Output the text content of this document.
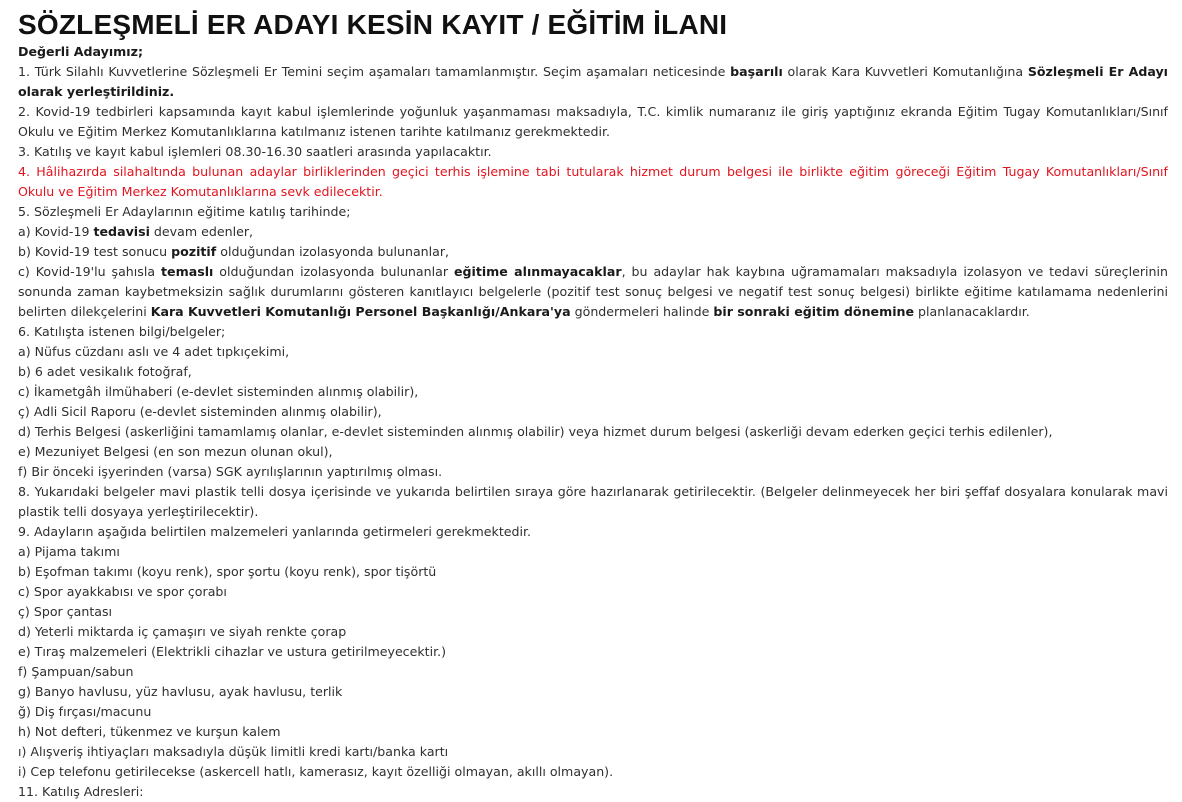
SÖZLEŞMELİ ER ADAYI KESİN KAYIT / EĞİTİM İLANI
Değerli Adayımız;
1. Türk Silahlı Kuvvetlerine Sözleşmeli Er Temini seçim aşamaları tamamlanmıştır. Seçim aşamaları neticesinde başarılı olarak Kara Kuvvetleri Komutanlığına Sözleşmeli Er Adayı
olarak yerleştirildiniz.
2. Kovid-19 tedbirleri kapsamında kayıt kabul işlemlerinde yoğunluk yaşanmaması maksadıyla, T.C. kimlik numaranız ile giriş yaptığınız ekranda Eğitim Tugay Komutanlıkları/Sınıf
Okulu ve Eğitim Merkez Komutanlıklarına katılmanız istenen tarihte katılmanız gerekmektedir.
3. Katılış ve kayıt kabul işlemleri 08.30-16.30 saatleri arasında yapılacaktır.
4. Hâlihazırda silahaltında bulunan adaylar birliklerinden geçici terhis işlemine tabi tutularak hizmet durum belgesi ile birlikte eğitim göreceği Eğitim Tugay Komutanlıkları/Sınıf
Okulu ve Eğitim Merkez Komutanlıklarına sevk edilecektir.
5. Sözleşmeli Er Adaylarının eğitime katılış tarihinde;
a) Kovid-19 tedavisi devam edenler,
b) Kovid-19 test sonucu pozitif olduğundan izolasyonda bulunanlar,
c) Kovid-19'lu şahısla temaslı olduğundan izolasyonda bulunanlar eğitime alınmayacaklar, bu adaylar hak kaybına uğramamaları maksadıyla izolasyon ve tedavi süreçlerinin
sonunda zaman kaybetmeksizin sağlık durumlarını gösteren kanıtlayıcı belgelerle (pozitif test sonuç belgesi ve negatif test sonuç belgesi) birlikte eğitime katılamama nedenlerini
belirten dilekçelerini Kara Kuvvetleri Komutanlığı Personel Başkanlığı/Ankara'ya göndermeleri halinde bir sonraki eğitim dönemine planlanacaklardır.
6. Katılışta istenen bilgi/belgeler;
a) Nüfus cüzdanı aslı ve 4 adet tıpkıçekimi,
b) 6 adet vesikalık fotoğraf,
c) İkametgâh ilmühaberi (e-devlet sisteminden alınmış olabilir),
ç) Adli Sicil Raporu (e-devlet sisteminden alınmış olabilir),
d) Terhis Belgesi (askerliğini tamamlamış olanlar, e-devlet sisteminden alınmış olabilir) veya hizmet durum belgesi (askerliği devam ederken geçici terhis edilenler),
e) Mezuniyet Belgesi (en son mezun olunan okul),
f) Bir önceki işyerinden (varsa) SGK ayrılışlarının yaptırılmış olması.
8. Yukarıdaki belgeler mavi plastik telli dosya içerisinde ve yukarıda belirtilen sıraya göre hazırlanarak getirilecektir. (Belgeler delinmeyecek her biri şeffaf dosyalara konularak mavi
plastik telli dosyaya yerleştirilecektir).
9. Adayların aşağıda belirtilen malzemeleri yanlarında getirmeleri gerekmektedir.
a) Pijama takımı
b) Eşofman takımı (koyu renk), spor şortu (koyu renk), spor tişörtü
c) Spor ayakkabısı ve spor çorabı
ç) Spor çantası
d) Yeterli miktarda iç çamaşırı ve siyah renkte çorap
e) Tıraş malzemeleri (Elektrikli cihazlar ve ustura getirilmeyecektir.)
f) Şampuan/sabun
g) Banyo havlusu, yüz havlusu, ayak havlusu, terlik
ğ) Diş fırçası/macunu
h) Not defteri, tükenmez ve kurşun kalem
ı) Alışveriş ihtiyaçları maksadıyla düşük limitli kredi kartı/banka kartı
i) Cep telefonu getirilecekse (askercell hatlı, kamerasız, kayıt özelliği olmayan, akıllı olmayan).
11. Katılış Adresleri:
